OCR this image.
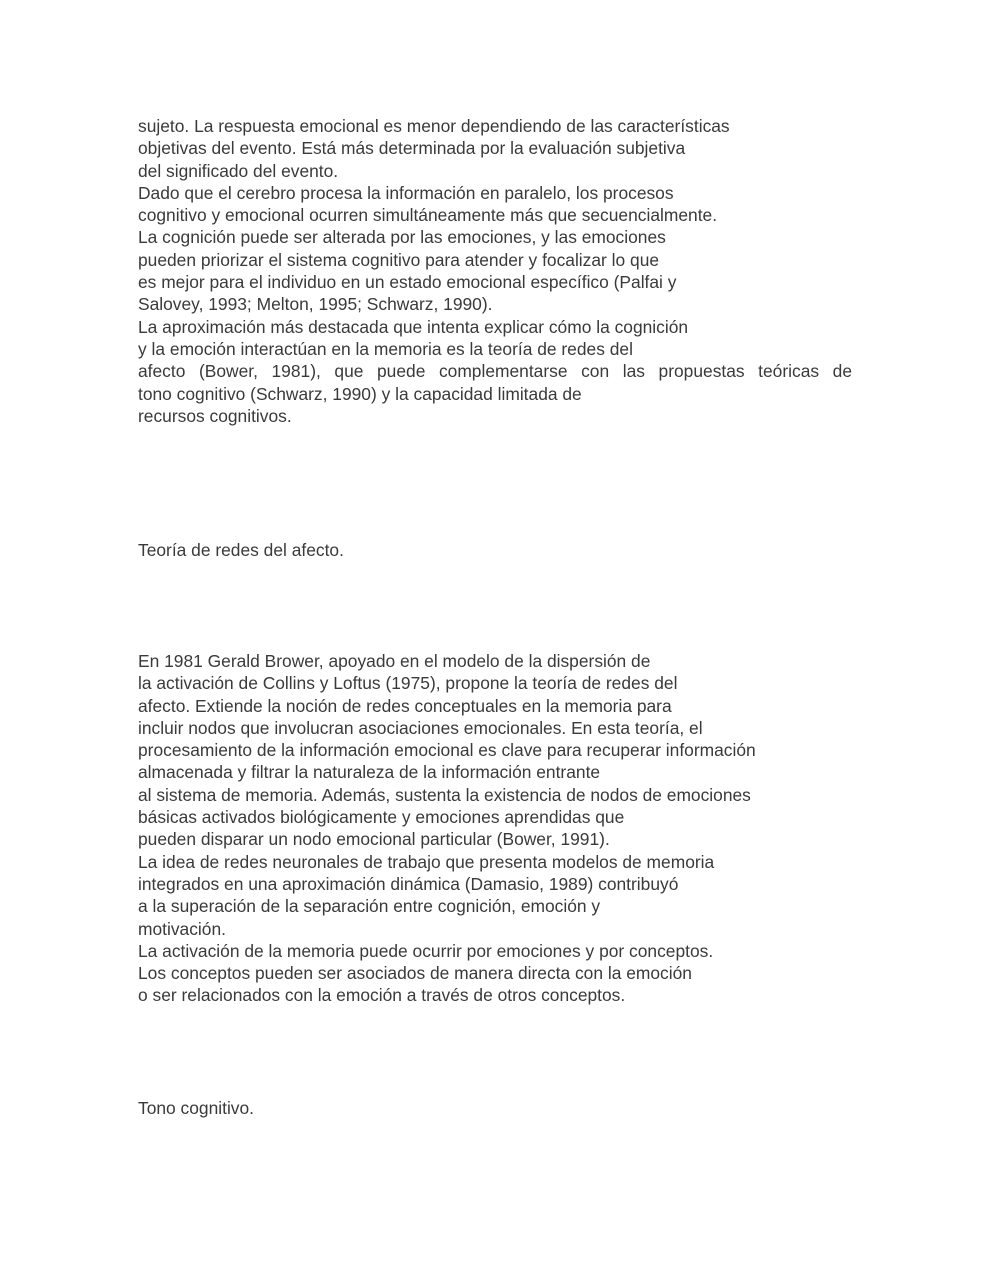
sujeto. La respuesta emocional es menor dependiendo de las características
objetivas del evento. Está más determinada por la evaluación subjetiva
del significado del evento.
Dado que el cerebro procesa la información en paralelo, los procesos
cognitivo y emocional ocurren simultáneamente más que secuencialmente.
La cognición puede ser alterada por las emociones, y las emociones
pueden priorizar el sistema cognitivo para atender y focalizar lo que
es mejor para el individuo en un estado emocional específico (Palfai y
Salovey, 1993; Melton, 1995; Schwarz, 1990).
La aproximación más destacada que intenta explicar cómo la cognición
y la emoción interactúan en la memoria es la teoría de redes del
afecto (Bower, 1981), que puede complementarse con las propuestas teóricas de
tono cognitivo (Schwarz, 1990) y la capacidad limitada de
recursos cognitivos.
Teoría de redes del afecto.
En 1981 Gerald Brower, apoyado en el modelo de la dispersión de
la activación de Collins y Loftus (1975), propone la teoría de redes del
afecto. Extiende la noción de redes conceptuales en la memoria para
incluir nodos que involucran asociaciones emocionales. En esta teoría, el
procesamiento de la información emocional es clave para recuperar información
almacenada y filtrar la naturaleza de la información entrante
al sistema de memoria. Además, sustenta la existencia de nodos de emociones
básicas activados biológicamente y emociones aprendidas que
pueden disparar un nodo emocional particular (Bower, 1991).
La idea de redes neuronales de trabajo que presenta modelos de memoria
integrados en una aproximación dinámica (Damasio, 1989) contribuyó
a la superación de la separación entre cognición, emoción y
motivación.
La activación de la memoria puede ocurrir por emociones y por conceptos.
Los conceptos pueden ser asociados de manera directa con la emoción
o ser relacionados con la emoción a través de otros conceptos.
Tono cognitivo.
